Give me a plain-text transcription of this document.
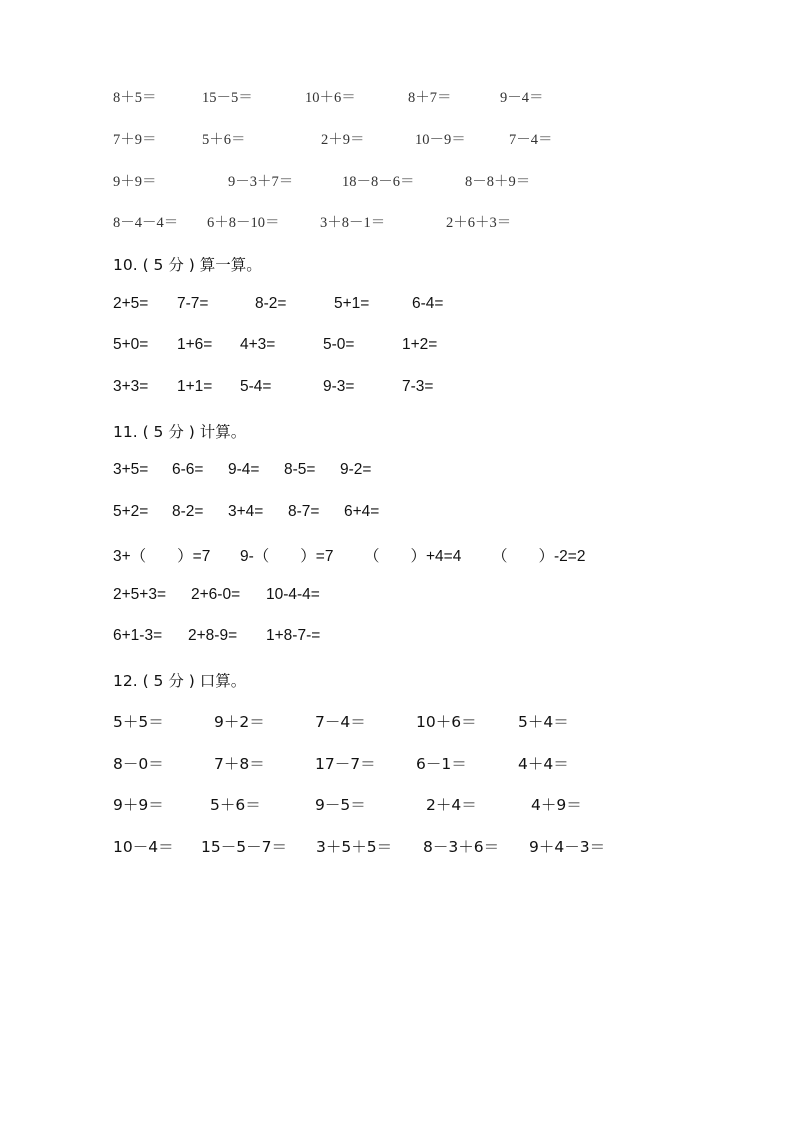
8＋5＝	15－5＝	10＋6＝	8＋7＝	9－4＝
7＋9＝	5＋6＝	2＋9＝	10－9＝	7－4＝
9＋9＝	9－3＋7＝	18－8－6＝	8－8＋9＝
8－4－4＝ 6＋8－10＝	3＋8－1＝	2＋6＋3＝
10. ( 5 分 ) 算一算。
2+5= 7-7=	8-2=	5+1=	6-4=
5+0= 1+6= 4+3=	5-0=	1+2=
3+3= 1+1= 5-4=	9-3=	7-3=
11. ( 5 分 ) 计算。
3+5= 6-6= 9-4= 8-5= 9-2=
5+2= 8-2= 3+4= 8-7= 6+4=
3+（　　）=7 9-（　　）=7 （　　）+4=4 （　　）-2=2
2+5+3= 2+6-0= 10-4-4=
6+1-3= 2+8-9= 1+8-7-=
12. ( 5 分 ) 口算。
5＋5＝	9＋2＝	7－4＝	10＋6＝	5＋4＝
8－0＝	7＋8＝	17－7＝	6－1＝	4＋4＝
9＋9＝	5＋6＝	9－5＝	2＋4＝	4＋9＝
10－4＝ 15－5－7＝ 3＋5＋5＝ 8－3＋6＝ 9＋4－3＝
